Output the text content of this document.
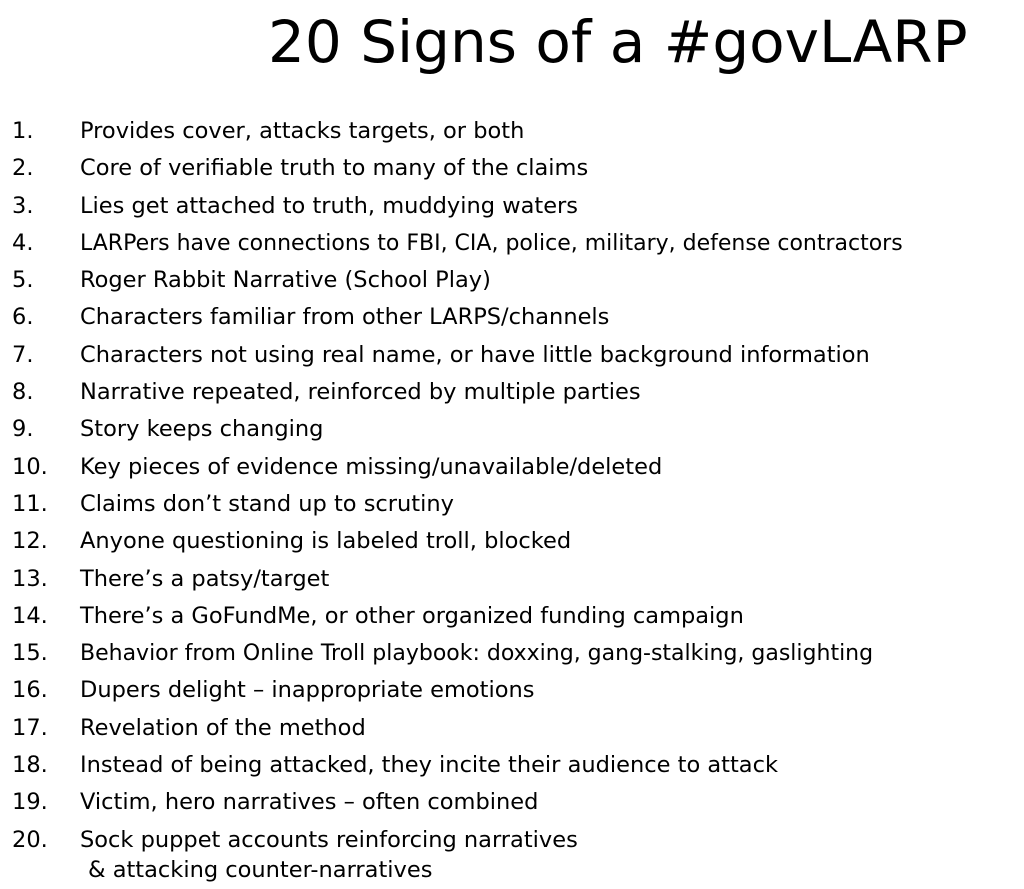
20 Signs of a #govLARP
1.	Provides cover, attacks targets, or both
2.	Core of verifiable truth to many of the claims
3.	Lies get attached to truth, muddying waters
4.	LARPers have connections to FBI, CIA, police, military, defense contractors
5.	Roger Rabbit Narrative (School Play)
6.	Characters familiar from other LARPS/channels
7.	Characters not using real name, or have little background information
8.	Narrative repeated, reinforced by multiple parties
9.	Story keeps changing
10.	Key pieces of evidence missing/unavailable/deleted
11.	Claims don’t stand up to scrutiny
12.	Anyone questioning is labeled troll, blocked
13.	There’s a patsy/target
14.	There’s a GoFundMe, or other organized funding campaign
15.	Behavior from Online Troll playbook: doxxing, gang-stalking, gaslighting
16.	Dupers delight – inappropriate emotions
17.	Revelation of the method
18.	Instead of being attacked, they incite their audience to attack
19.	Victim, hero narratives – often combined
20.	Sock puppet accounts reinforcing narratives
& attacking counter-narratives
